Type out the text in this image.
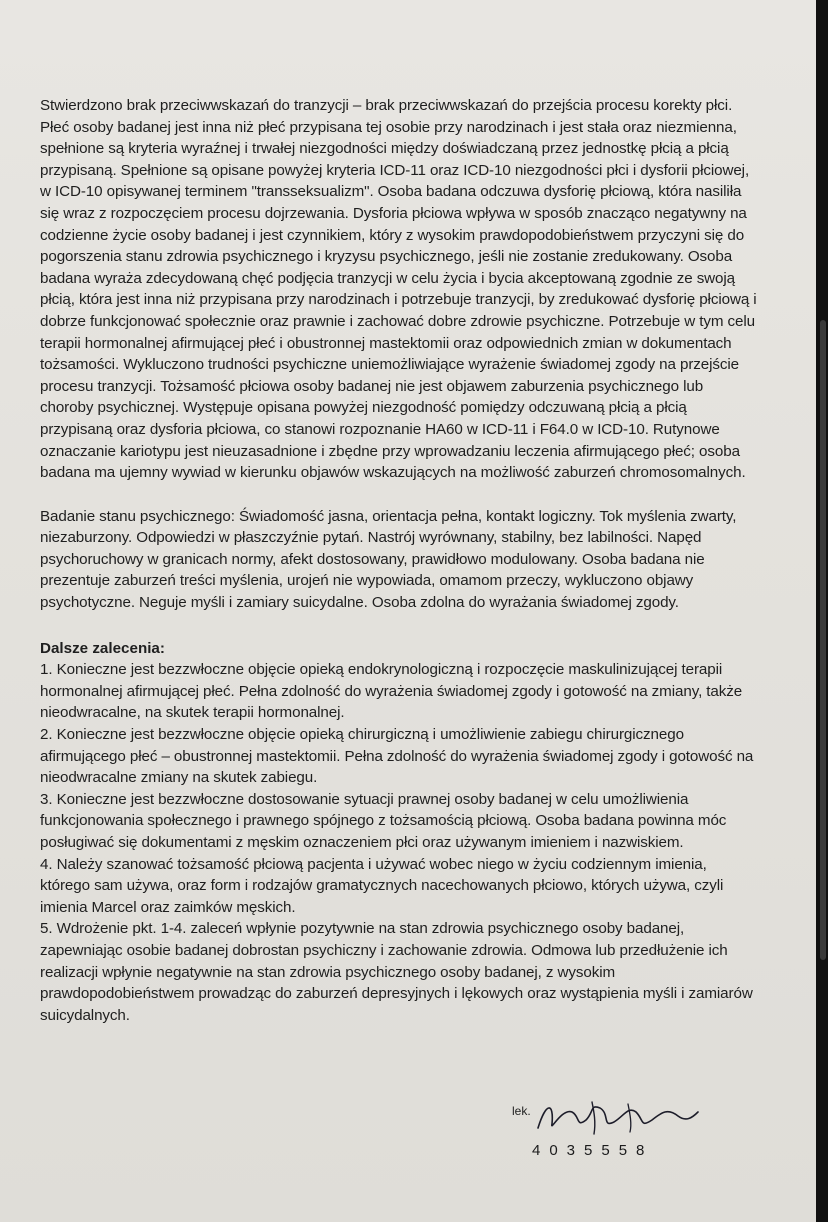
Stwierdzono brak przeciwwskazań do tranzycji – brak przeciwwskazań do przejścia procesu korekty płci. Płeć osoby badanej jest inna niż płeć przypisana tej osobie przy narodzinach i jest stała oraz niezmienna, spełnione są kryteria wyraźnej i trwałej niezgodności między doświadczaną przez jednostkę płcią a płcią przypisaną. Spełnione są opisane powyżej kryteria ICD-11 oraz ICD-10 niezgodności płci i dysforii płciowej, w ICD-10 opisywanej terminem "transseksualizm". Osoba badana odczuwa dysforię płciową, która nasiliła się wraz z rozpoczęciem procesu dojrzewania. Dysforia płciowa wpływa w sposób znacząco negatywny na codzienne życie osoby badanej i jest czynnikiem, który z wysokim prawdopodobieństwem przyczyni się do pogorszenia stanu zdrowia psychicznego i kryzysu psychicznego, jeśli nie zostanie zredukowany. Osoba badana wyraża zdecydowaną chęć podjęcia tranzycji w celu życia i bycia akceptowaną zgodnie ze swoją płcią, która jest inna niż przypisana przy narodzinach i potrzebuje tranzycji, by zredukować dysforię płciową i dobrze funkcjonować społecznie oraz prawnie i zachować dobre zdrowie psychiczne. Potrzebuje w tym celu terapii hormonalnej afirmującej płeć i obustronnej mastektomii oraz odpowiednich zmian w dokumentach tożsamości. Wykluczono trudności psychiczne uniemożliwiające wyrażenie świadomej zgody na przejście procesu tranzycji. Tożsamość płciowa osoby badanej nie jest objawem zaburzenia psychicznego lub choroby psychicznej. Występuje opisana powyżej niezgodność pomiędzy odczuwaną płcią a płcią przypisaną oraz dysforia płciowa, co stanowi rozpoznanie HA60 w ICD-11 i F64.0 w ICD-10. Rutynowe oznaczanie kariotypu jest nieuzasadnione i zbędne przy wprowadzaniu leczenia afirmującego płeć; osoba badana ma ujemny wywiad w kierunku objawów wskazujących na możliwość zaburzeń chromosomalnych.

Badanie stanu psychicznego: Świadomość jasna, orientacja pełna, kontakt logiczny. Tok myślenia zwarty, niezaburzony. Odpowiedzi w płaszczyźnie pytań. Nastrój wyrównany, stabilny, bez labilności. Napęd psychoruchowy w granicach normy, afekt dostosowany, prawidłowo modulowany. Osoba badana nie prezentuje zaburzeń treści myślenia, urojeń nie wypowiada, omamom przeczy, wykluczono objawy psychotyczne. Neguje myśli i zamiary suicydalne. Osoba zdolna do wyrażania świadomej zgody.

Dalsze zalecenia:

1. Konieczne jest bezzwłoczne objęcie opieką endokrynologiczną i rozpoczęcie maskulinizującej terapii hormonalnej afirmującej płeć. Pełna zdolność do wyrażenia świadomej zgody i gotowość na zmiany, także nieodwracalne, na skutek terapii hormonalnej.

2. Konieczne jest bezzwłoczne objęcie opieką chirurgiczną i umożliwienie zabiegu chirurgicznego afirmującego płeć – obustronnej mastektomii. Pełna zdolność do wyrażenia świadomej zgody i gotowość na nieodwracalne zmiany na skutek zabiegu.

3. Konieczne jest bezzwłoczne dostosowanie sytuacji prawnej osoby badanej w celu umożliwienia funkcjonowania społecznego i prawnego spójnego z tożsamością płciową. Osoba badana powinna móc posługiwać się dokumentami z męskim oznaczeniem płci oraz używanym imieniem i nazwiskiem.

4. Należy szanować tożsamość płciową pacjenta i używać wobec niego w życiu codziennym imienia, którego sam używa, oraz form i rodzajów gramatycznych nacechowanych płciowo, których używa, czyli imienia Marcel oraz zaimków męskich.

5. Wdrożenie pkt. 1-4. zaleceń wpłynie pozytywnie na stan zdrowia psychicznego osoby badanej, zapewniając osobie badanej dobrostan psychiczny i zachowanie zdrowia. Odmowa lub przedłużenie ich realizacji wpłynie negatywnie na stan zdrowia psychicznego osoby badanej, z wysokim prawdopodobieństwem prowadząc do zaburzeń depresyjnych i lękowych oraz wystąpienia myśli i zamiarów suicydalnych.

lek.
4035558
